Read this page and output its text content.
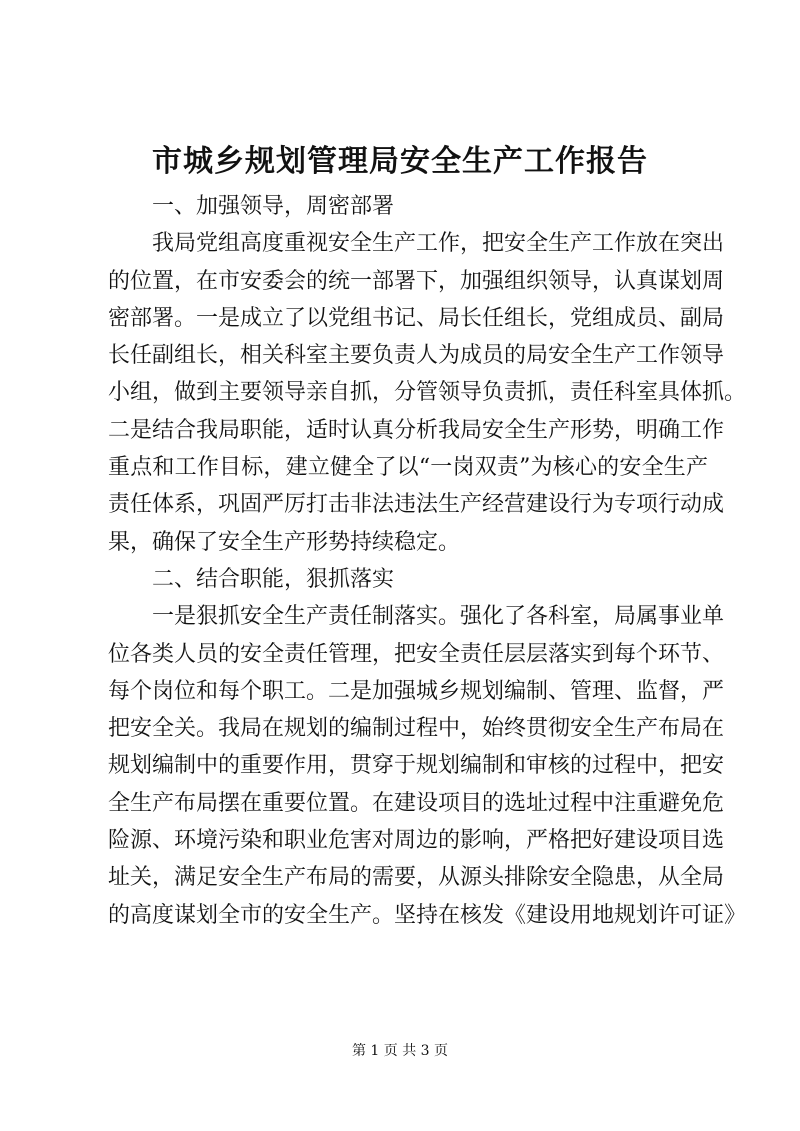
市城乡规划管理局安全生产工作报告
一、加强领导，周密部署
我局党组高度重视安全生产工作，把安全生产工作放在突出
的位置，在市安委会的统一部署下，加强组织领导，认真谋划周
密部署。一是成立了以党组书记、局长任组长，党组成员、副局
长任副组长，相关科室主要负责人为成员的局安全生产工作领导
小组，做到主要领导亲自抓，分管领导负责抓，责任科室具体抓。
二是结合我局职能，适时认真分析我局安全生产形势，明确工作
重点和工作目标，建立健全了以“一岗双责”为核心的安全生产
责任体系，巩固严厉打击非法违法生产经营建设行为专项行动成
果，确保了安全生产形势持续稳定。
二、结合职能，狠抓落实
一是狠抓安全生产责任制落实。强化了各科室，局属事业单
位各类人员的安全责任管理，把安全责任层层落实到每个环节、
每个岗位和每个职工。二是加强城乡规划编制、管理、监督，严
把安全关。我局在规划的编制过程中，始终贯彻安全生产布局在
规划编制中的重要作用，贯穿于规划编制和审核的过程中，把安
全生产布局摆在重要位置。在建设项目的选址过程中注重避免危
险源、环境污染和职业危害对周边的影响，严格把好建设项目选
址关，满足安全生产布局的需要，从源头排除安全隐患，从全局
的高度谋划全市的安全生产。坚持在核发《建设用地规划许可证》
第 1 页 共 3 页
